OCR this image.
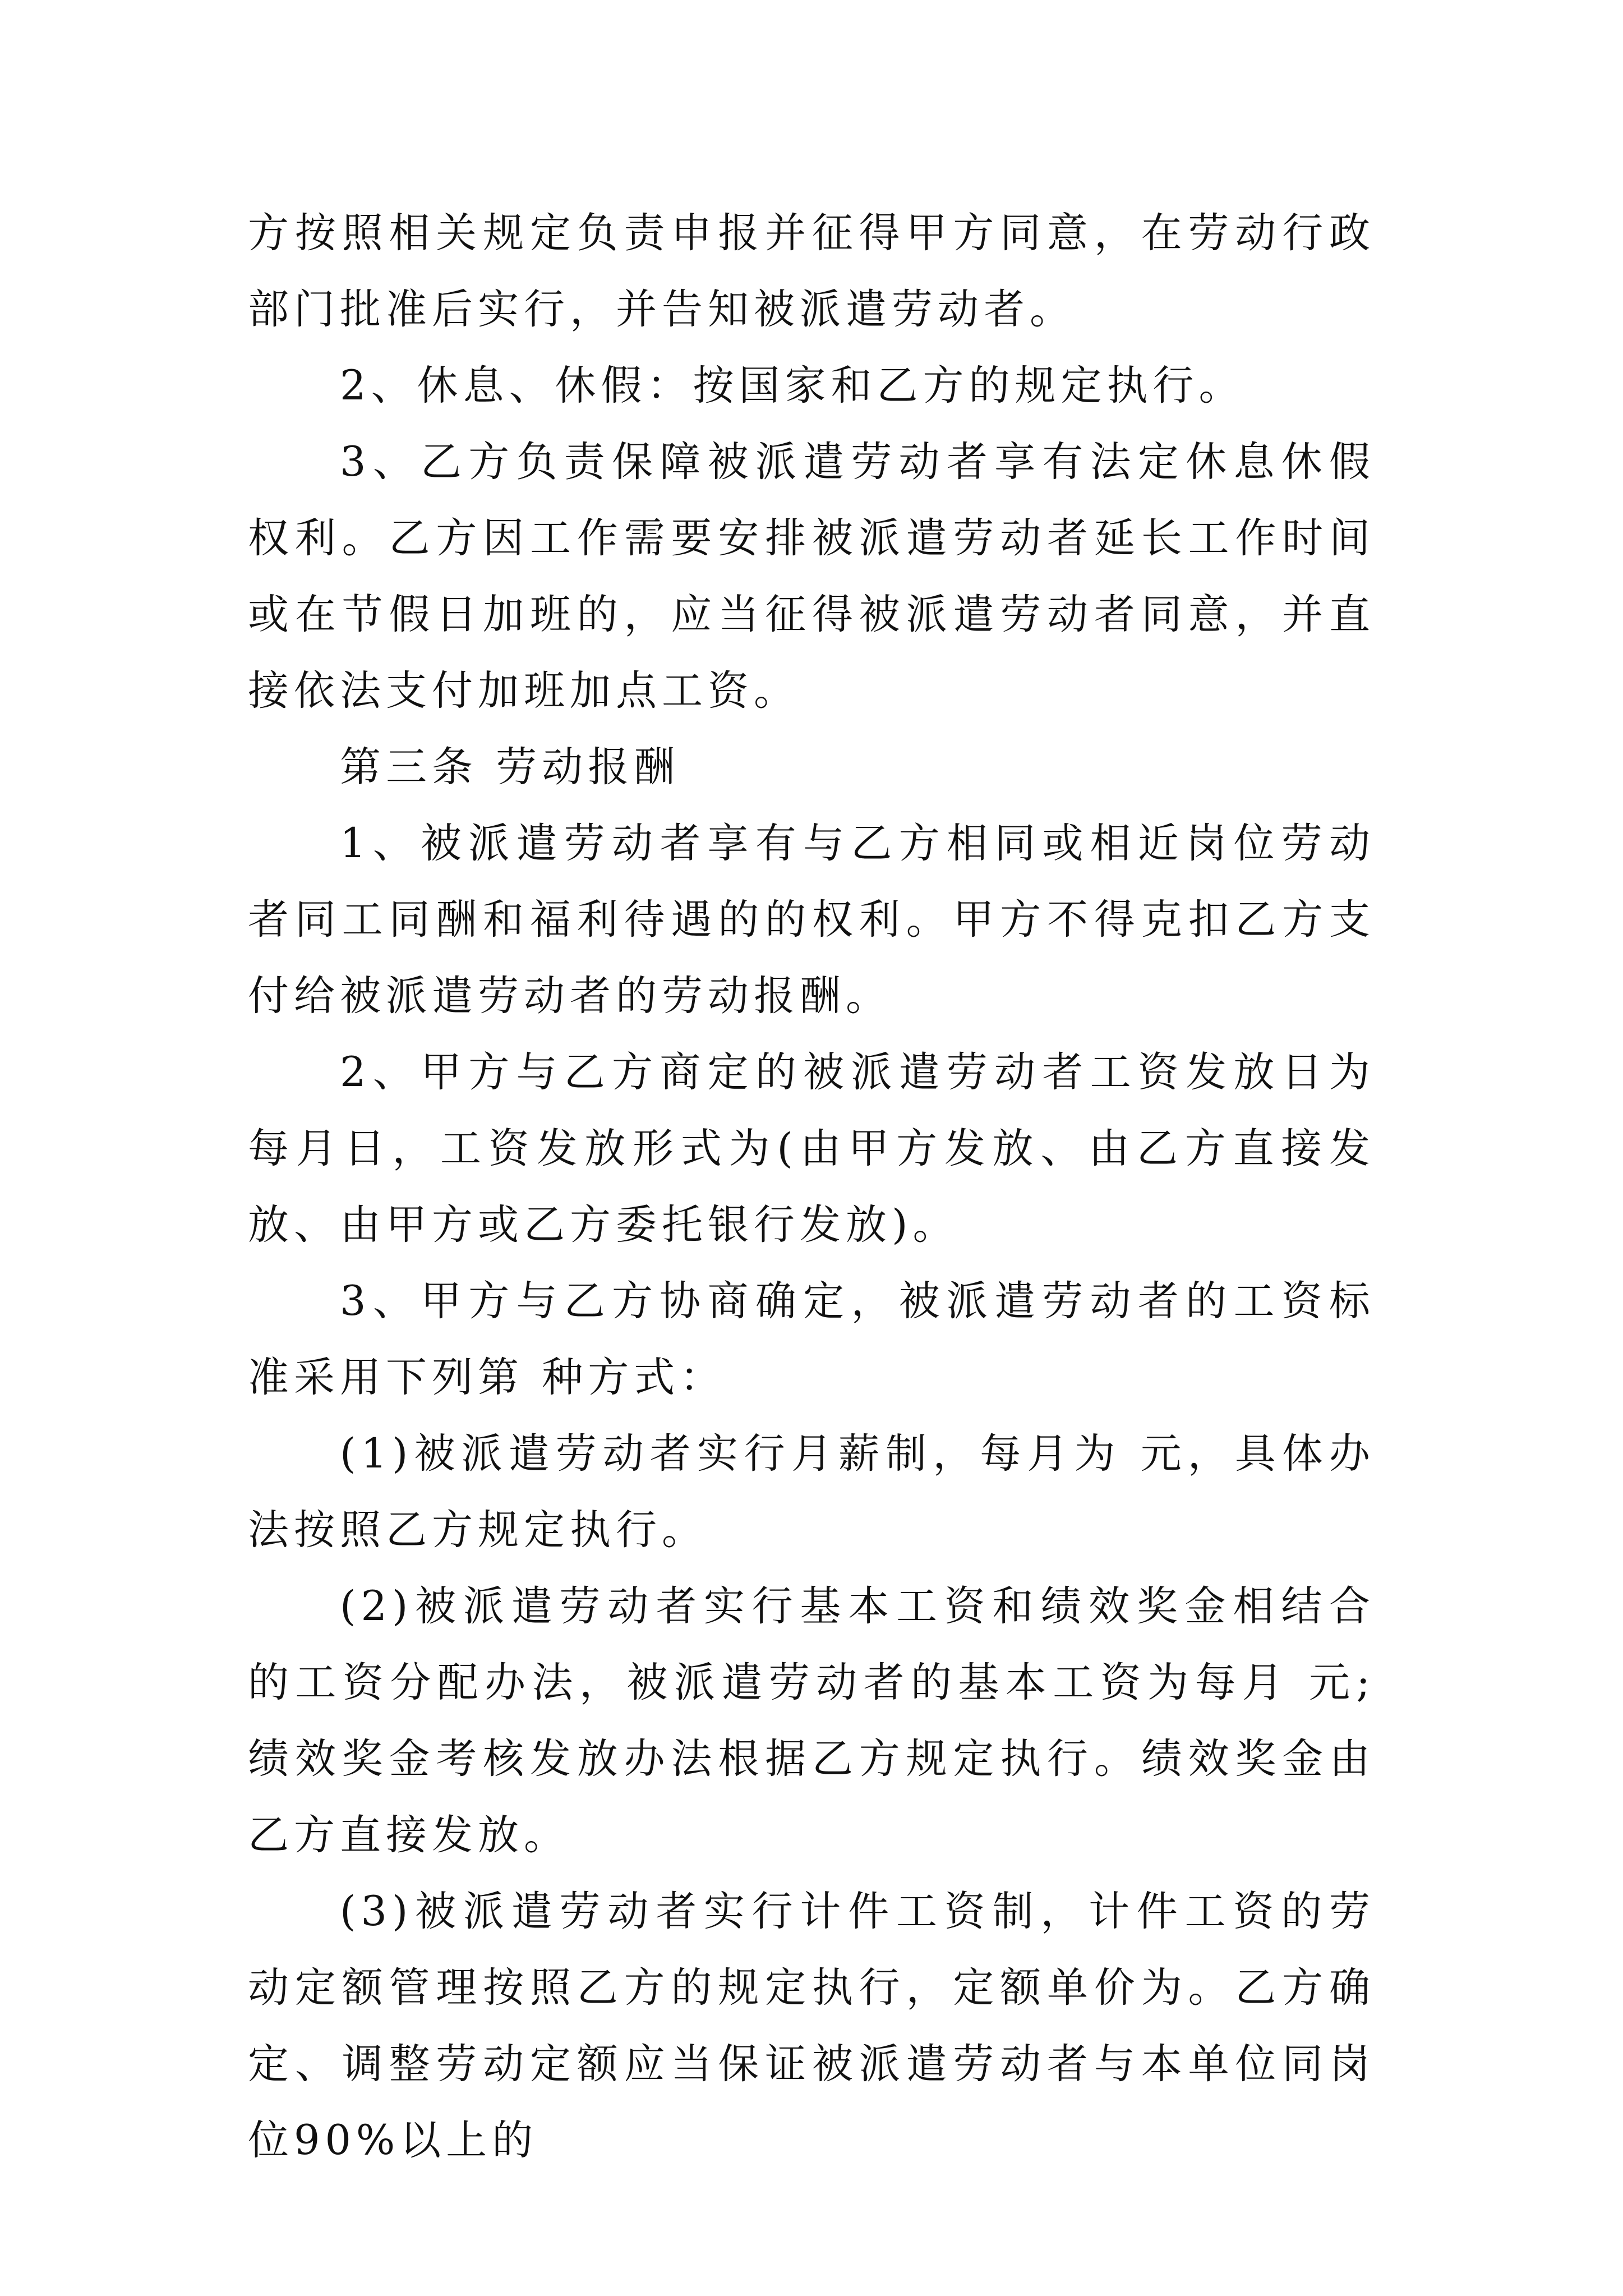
方按照相关规定负责申报并征得甲方同意，在劳动行政部门批准后实行，并告知被派遣劳动者。

2、休息、休假：按国家和乙方的规定执行。

3、乙方负责保障被派遣劳动者享有法定休息休假权利。乙方因工作需要安排被派遣劳动者延长工作时间或在节假日加班的，应当征得被派遣劳动者同意，并直接依法支付加班加点工资。

第三条 劳动报酬

1、被派遣劳动者享有与乙方相同或相近岗位劳动者同工同酬和福利待遇的的权利。甲方不得克扣乙方支付给被派遣劳动者的劳动报酬。

2、甲方与乙方商定的被派遣劳动者工资发放日为每月日，工资发放形式为(由甲方发放、由乙方直接发放、由甲方或乙方委托银行发放)。

3、甲方与乙方协商确定，被派遣劳动者的工资标准采用下列第 种方式：

(1)被派遣劳动者实行月薪制，每月为 元，具体办法按照乙方规定执行。

(2)被派遣劳动者实行基本工资和绩效奖金相结合的工资分配办法，被派遣劳动者的基本工资为每月 元;绩效奖金考核发放办法根据乙方规定执行。绩效奖金由乙方直接发放。

(3)被派遣劳动者实行计件工资制，计件工资的劳动定额管理按照乙方的规定执行，定额单价为。乙方确定、调整劳动定额应当保证被派遣劳动者与本单位同岗位90%以上的
